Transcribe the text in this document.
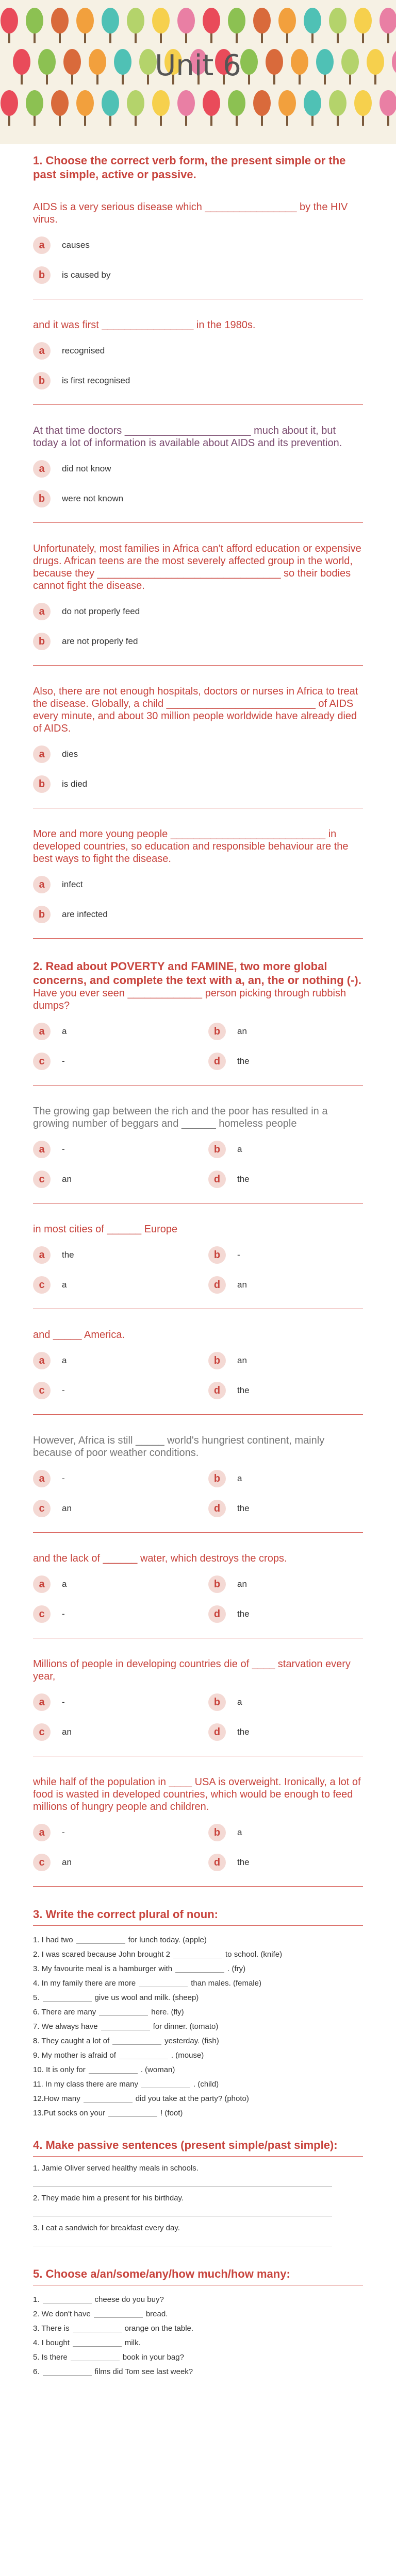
Unit 6

1. Choose the correct verb form, the present simple or the past simple, active or passive.

AIDS is a very serious disease which ________________ by the HIV virus.

a	causes
b	is caused by

and it was first ________________ in the 1980s.

a	recognised
b	is first recognised

At that time doctors ______________________ much about it, but today a lot of information is available about AIDS and its prevention.

a	did not know
b	were not known

Unfortunately, most families in Africa can't afford education or expensive drugs. African teens are the most severely affected group in the world, because they ________________________________ so their bodies cannot fight the disease.

a	do not properly feed
b	are not properly fed

Also, there are not enough hospitals, doctors or nurses in Africa to treat the disease. Globally, a child __________________________ of AIDS every minute, and about 30 million people worldwide have already died of AIDS.

a	dies
b	is died

More and more young people ___________________________ in developed countries, so education and responsible behaviour are the best ways to fight the disease.

a	infect
b	are infected

2. Read about POVERTY and FAMINE, two more global concerns, and complete the text with a, an, the or nothing (-).

Have you ever seen _____________ person picking through rubbish dumps?

a	a	b	an
c	-	d	the

The growing gap between the rich and the poor has resulted in a growing number of beggars and ______ homeless people

a	-	b	a
c	an	d	the

in most cities of ______ Europe

a	the	b	-
c	a	d	an

and _____ America.

a	a	b	an
c	-	d	the

However, Africa is still _____ world's hungriest continent, mainly because of poor weather conditions.

a	-	b	a
c	an	d	the

and the lack of ______ water, which destroys the crops.

a	a	b	an
c	-	d	the

Millions of people in developing countries die of ____ starvation every year,

a	-	b	a
c	an	d	the

while half of the population in ____ USA is overweight. Ironically, a lot of food is wasted in developed countries, which would be enough to feed millions of hungry people and children.

a	-	b	a
c	an	d	the

3. Write the correct plural of noun:

1. I had two	for lunch today. (apple)
2. I was scared because John brought 2	to school. (knife)
3. My favourite meal is a hamburger with	. (fry)
4. In my family there are more	than males. (female)
5.	give us wool and milk. (sheep)
6. There are many	here. (fly)
7. We always have	for dinner. (tomato)
8. They caught a lot of	yesterday. (fish)
9. My mother is afraid of	. (mouse)
10. It is only for	. (woman)
11. In my class there are many	. (child)
12.How many	did you take at the party? (photo)
13.Put socks on your	! (foot)

4. Make passive sentences (present simple/past simple):

1. Jamie Oliver served healthy meals in schools.
2. They made him a present for his birthday.
3. I eat a sandwich for breakfast every day.

5. Choose a/an/some/any/how much/how many:

1.	cheese do you buy?
2. We don't have	bread.
3. There is	orange on the table.
4. I bought	milk.
5. Is there	book in your bag?
6.	films did Tom see last week?
